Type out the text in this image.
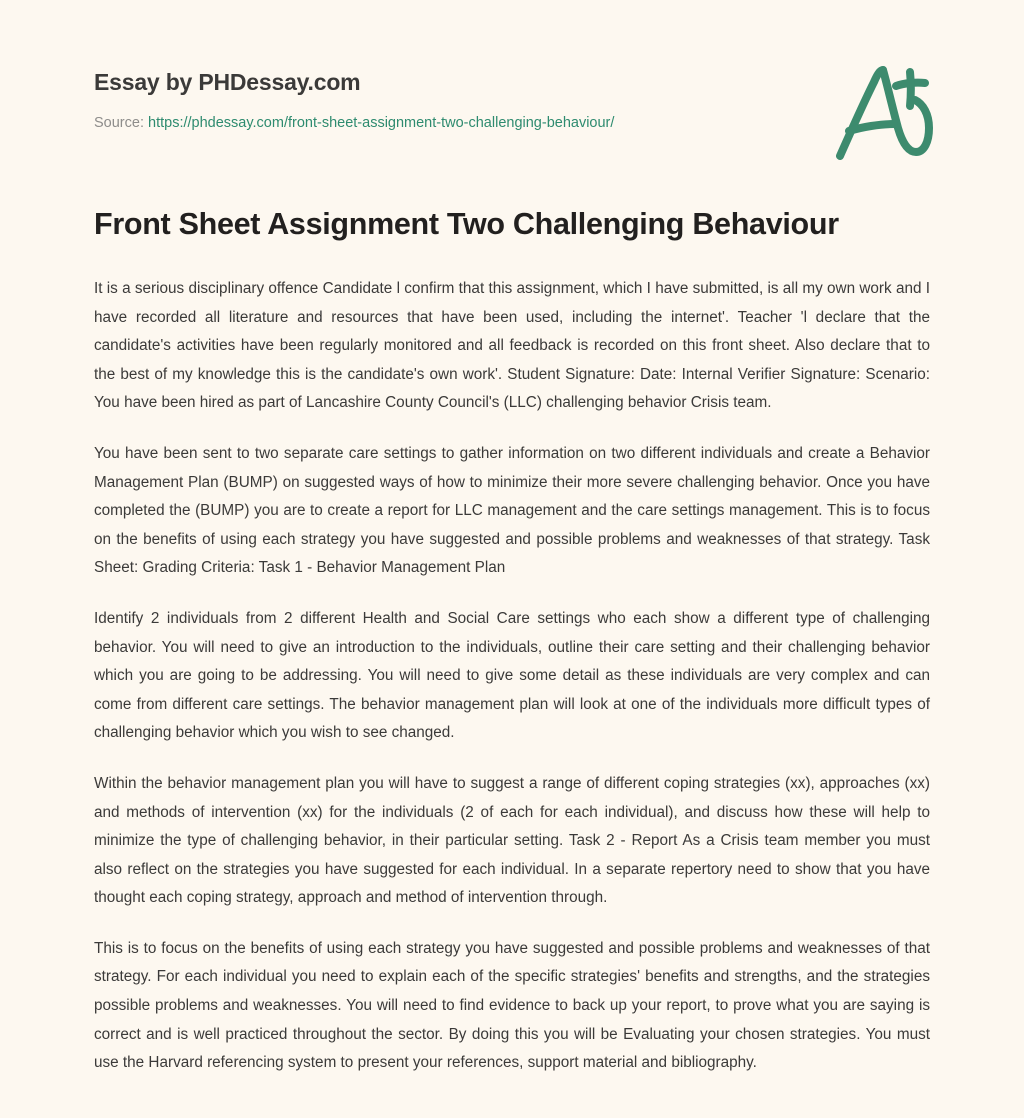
Essay by PHDessay.com
Source: https://phdessay.com/front-sheet-assignment-two-challenging-behaviour/
Front Sheet Assignment Two Challenging Behaviour

It is a serious disciplinary offence Candidate l confirm that this assignment, which I have submitted, is all my own work and I have recorded all literature and resources that have been used, including the internet'. Teacher 'l declare that the candidate's activities have been regularly monitored and all feedback is recorded on this front sheet. Also declare that to the best of my knowledge this is the candidate's own work'. Student Signature: Date: Internal Verifier Signature: Scenario: You have been hired as part of Lancashire County Council's (LLC) challenging behavior Crisis team.

You have been sent to two separate care settings to gather information on two different individuals and create a Behavior Management Plan (BUMP) on suggested ways of how to minimize their more severe challenging behavior. Once you have completed the (BUMP) you are to create a report for LLC management and the care settings management. This is to focus on the benefits of using each strategy you have suggested and possible problems and weaknesses of that strategy. Task Sheet: Grading Criteria: Task 1 - Behavior Management Plan

Identify 2 individuals from 2 different Health and Social Care settings who each show a different type of challenging behavior. You will need to give an introduction to the individuals, outline their care setting and their challenging behavior which you are going to be addressing. You will need to give some detail as these individuals are very complex and can come from different care settings. The behavior management plan will look at one of the individuals more difficult types of challenging behavior which you wish to see changed.

Within the behavior management plan you will have to suggest a range of different coping strategies (xx), approaches (xx) and methods of intervention (xx) for the individuals (2 of each for each individual), and discuss how these will help to minimize the type of challenging behavior, in their particular setting. Task 2 - Report As a Crisis team member you must also reflect on the strategies you have suggested for each individual. In a separate repertory need to show that you have thought each coping strategy, approach and method of intervention through.

This is to focus on the benefits of using each strategy you have suggested and possible problems and weaknesses of that strategy. For each individual you need to explain each of the specific strategies' benefits and strengths, and the strategies possible problems and weaknesses. You will need to find evidence to back up your report, to prove what you are saying is correct and is well practiced throughout the sector. By doing this you will be Evaluating your chosen strategies. You must use the Harvard referencing system to present your references, support material and bibliography.
